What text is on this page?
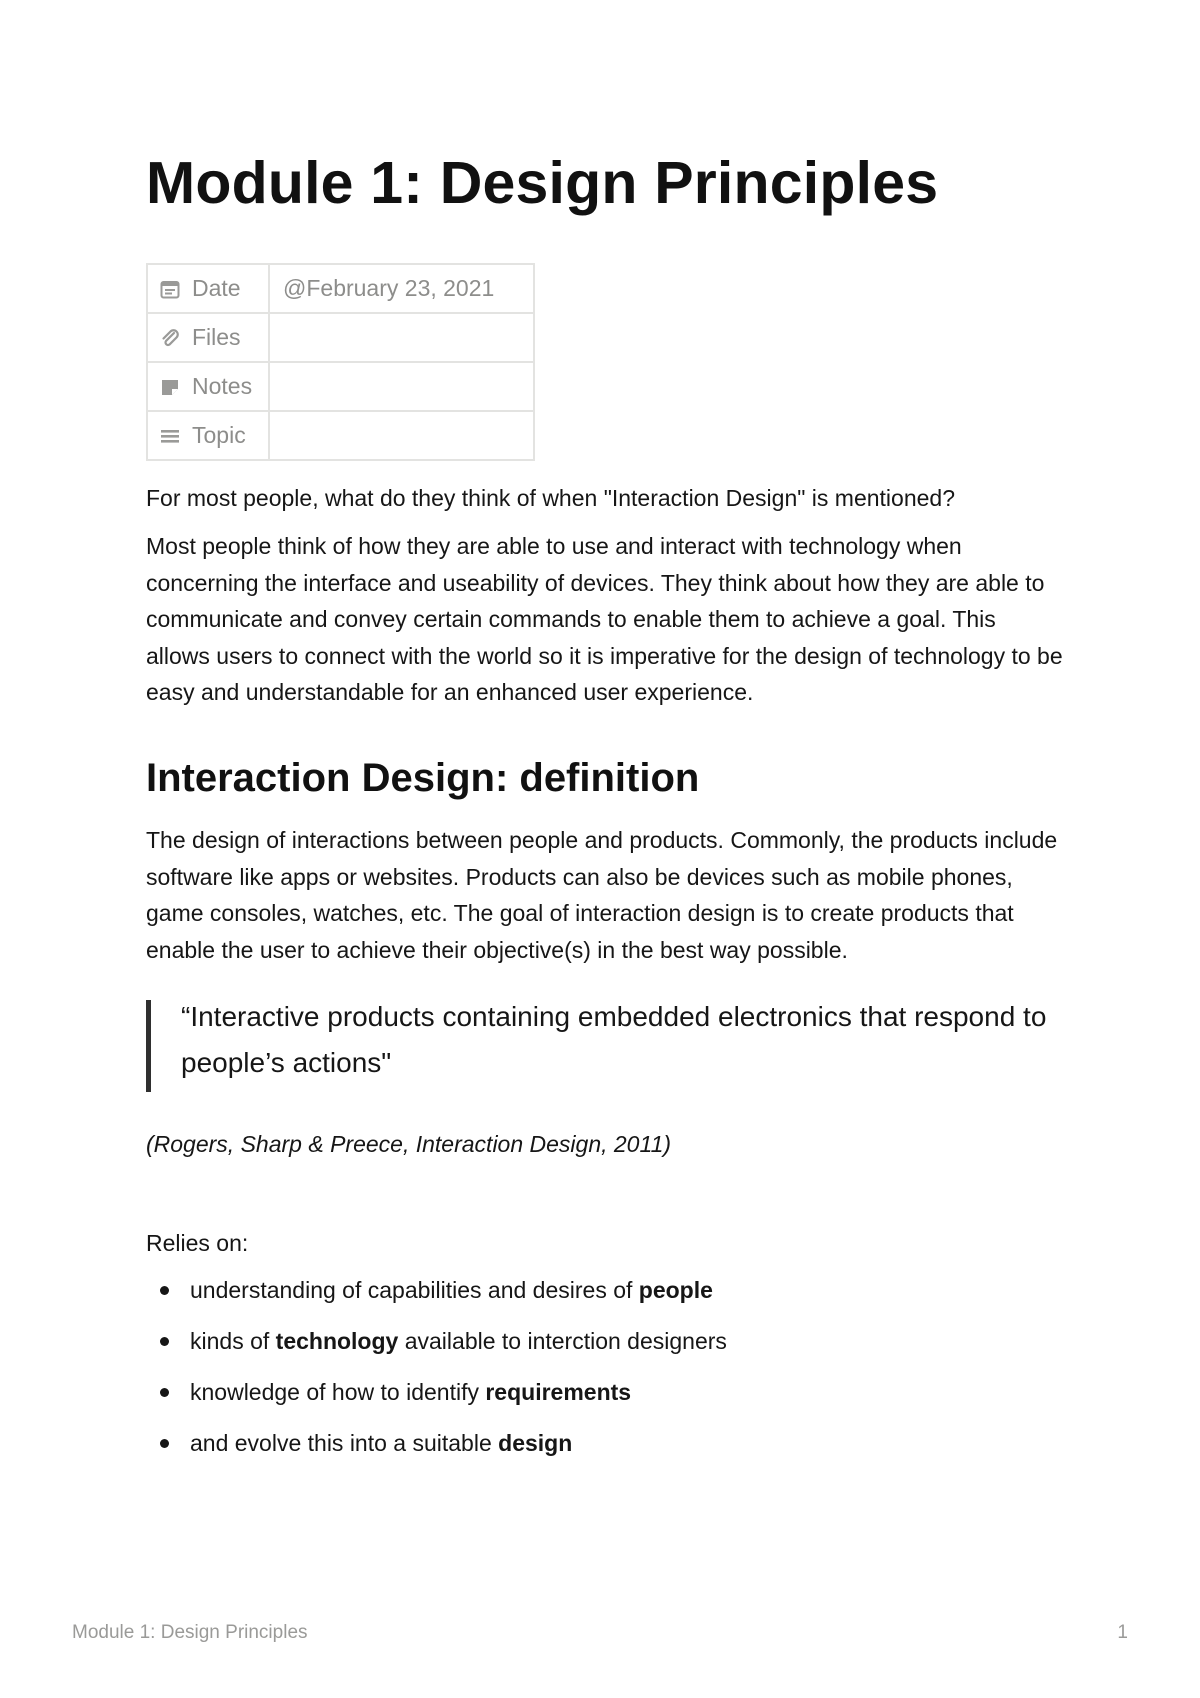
Module 1: Design Principles
Date	@February 23, 2021

Files	

Notes	

Topic	

For most people, what do they think of when "Interaction Design" is mentioned?

Most people think of how they are able to use and interact with technology when concerning the interface and useability of devices. They think about how they are able to communicate and convey certain commands to enable them to achieve a goal. This allows users to connect with the world so it is imperative for the design of technology to be easy and understandable for an enhanced user experience.

Interaction Design: definition

The design of interactions between people and products. Commonly, the products include software like apps or websites. Products can also be devices such as mobile phones, game consoles, watches, etc. The goal of interaction design is to create products that enable the user to achieve their objective(s) in the best way possible.

“Interactive products containing embedded electronics that respond to people’s actions"

(Rogers, Sharp & Preece, Interaction Design, 2011)
Relies on:
understanding of capabilities and desires of people
kinds of technology available to interction designers
knowledge of how to identify requirements
and evolve this into a suitable design
Module 1: Design Principles	1
